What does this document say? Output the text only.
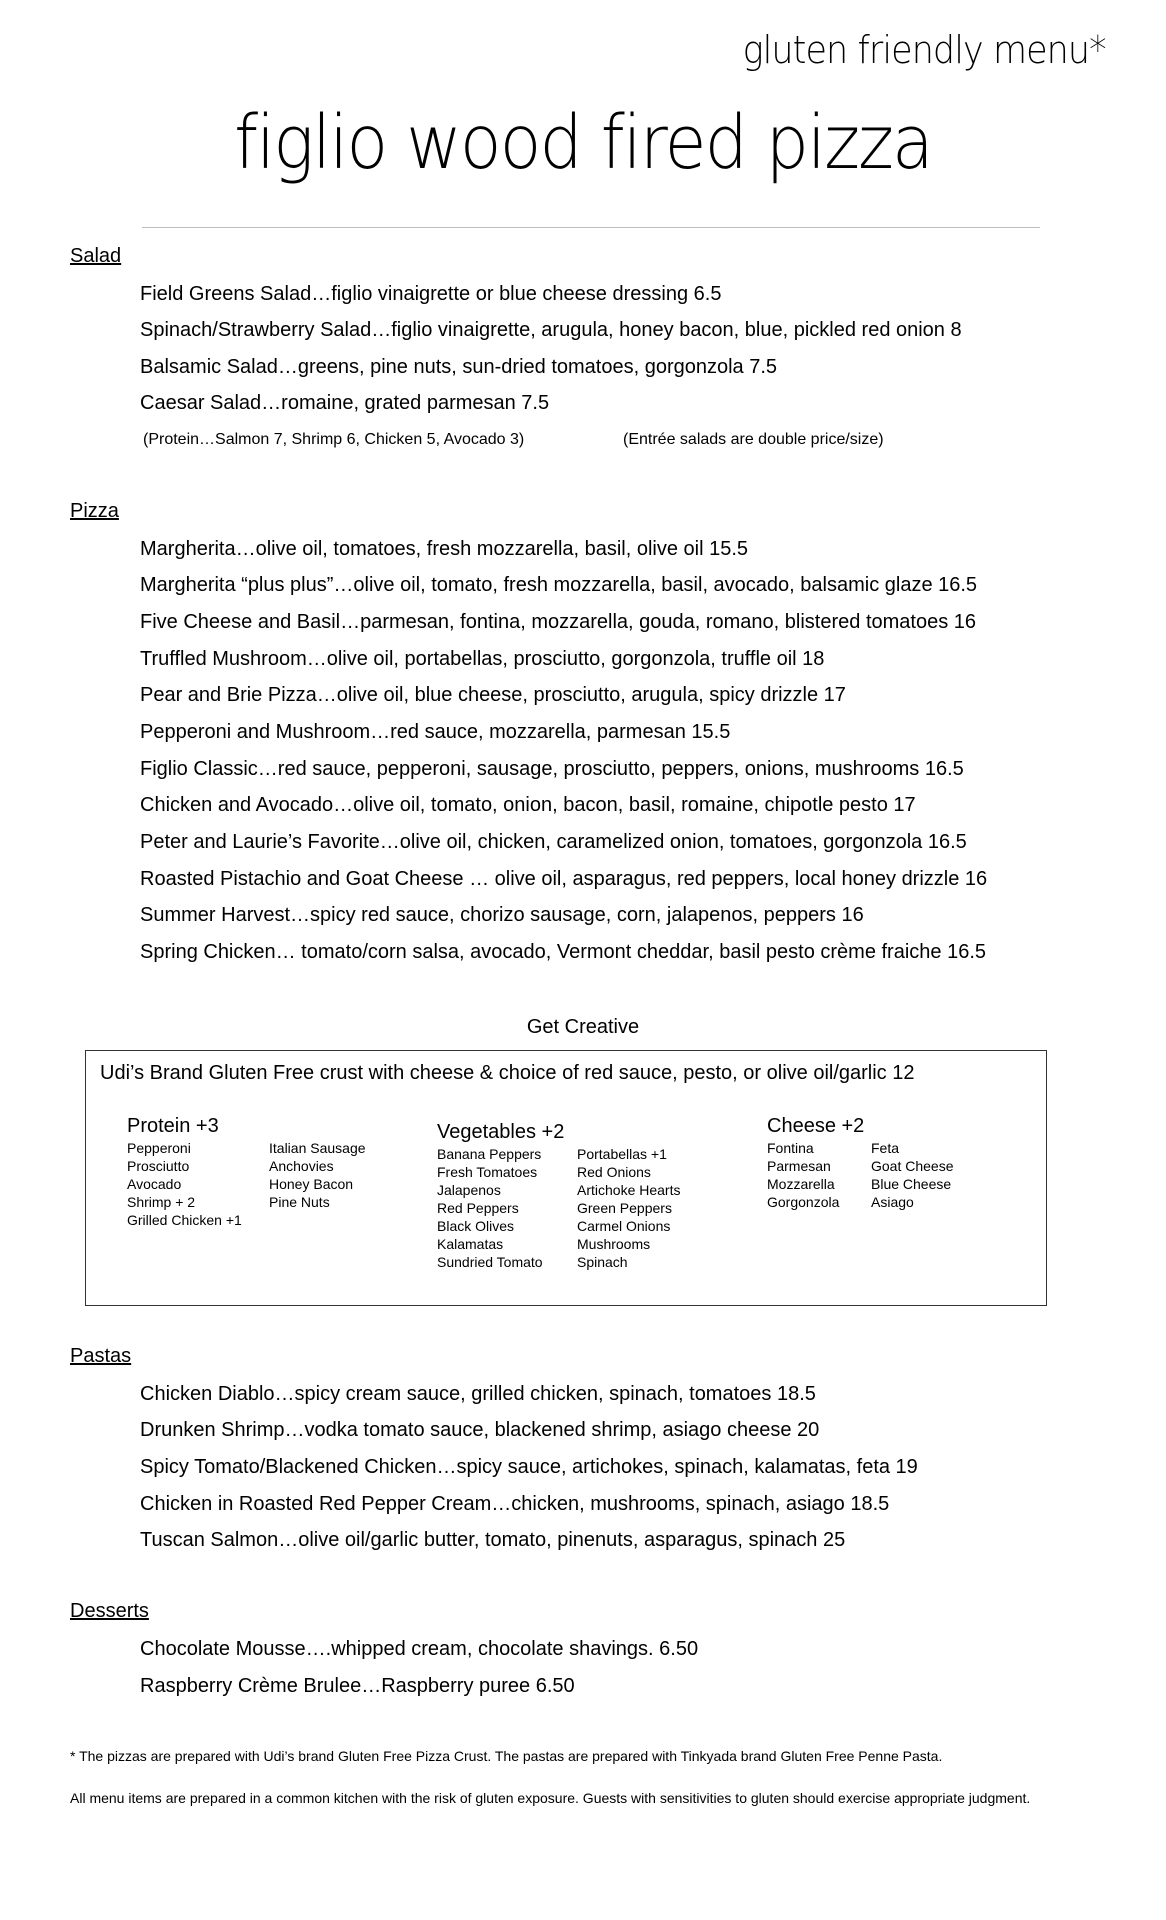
gluten friendly menu*
figlio wood fired pizza
Salad
Field Greens Salad…figlio vinaigrette or blue cheese dressing 6.5
Spinach/Strawberry Salad…figlio vinaigrette, arugula, honey bacon, blue, pickled red onion 8
Balsamic Salad…greens, pine nuts, sun-dried tomatoes, gorgonzola 7.5
Caesar Salad…romaine, grated parmesan 7.5
(Protein…Salmon 7, Shrimp 6, Chicken 5, Avocado 3)	(Entrée salads are double price/size)
Pizza
Margherita…olive oil, tomatoes, fresh mozzarella, basil, olive oil 15.5
Margherita “plus plus”…olive oil, tomato, fresh mozzarella, basil, avocado, balsamic glaze 16.5
Five Cheese and Basil…parmesan, fontina, mozzarella, gouda, romano, blistered tomatoes 16
Truffled Mushroom…olive oil, portabellas, prosciutto, gorgonzola, truffle oil 18
Pear and Brie Pizza…olive oil, blue cheese, prosciutto, arugula, spicy drizzle 17
Pepperoni and Mushroom…red sauce, mozzarella, parmesan 15.5
Figlio Classic…red sauce, pepperoni, sausage, prosciutto, peppers, onions, mushrooms 16.5
Chicken and Avocado…olive oil, tomato, onion, bacon, basil, romaine, chipotle pesto 17
Peter and Laurie’s Favorite…olive oil, chicken, caramelized onion, tomatoes, gorgonzola 16.5
Roasted Pistachio and Goat Cheese … olive oil, asparagus, red peppers, local honey drizzle 16
Summer Harvest…spicy red sauce, chorizo sausage, corn, jalapenos, peppers 16
Spring Chicken… tomato/corn salsa, avocado, Vermont cheddar, basil pesto crème fraiche 16.5
Get Creative
Udi’s Brand Gluten Free crust with cheese & choice of red sauce, pesto, or olive oil/garlic 12
Protein +3
Pepperoni
Prosciutto
Avocado
Shrimp + 2
Grilled Chicken +1
Italian Sausage
Anchovies
Honey Bacon
Pine Nuts
Vegetables +2
Banana Peppers
Fresh Tomatoes
Jalapenos
Red Peppers
Black Olives
Kalamatas
Sundried Tomato
Portabellas +1
Red Onions
Artichoke Hearts
Green Peppers
Carmel Onions
Mushrooms
Spinach
Cheese +2
Fontina
Parmesan
Mozzarella
Gorgonzola
Feta
Goat Cheese
Blue Cheese
Asiago
Pastas
Chicken Diablo…spicy cream sauce, grilled chicken, spinach, tomatoes 18.5
Drunken Shrimp…vodka tomato sauce, blackened shrimp, asiago cheese 20
Spicy Tomato/Blackened Chicken…spicy sauce, artichokes, spinach, kalamatas, feta 19
Chicken in Roasted Red Pepper Cream…chicken, mushrooms, spinach, asiago 18.5
Tuscan Salmon…olive oil/garlic butter, tomato, pinenuts, asparagus, spinach 25
Desserts
Chocolate Mousse….whipped cream, chocolate shavings. 6.50
Raspberry Crème Brulee…Raspberry puree 6.50
* The pizzas are prepared with Udi’s brand Gluten Free Pizza Crust. The pastas are prepared with Tinkyada brand Gluten Free Penne Pasta.
All menu items are prepared in a common kitchen with the risk of gluten exposure. Guests with sensitivities to gluten should exercise appropriate judgment.
